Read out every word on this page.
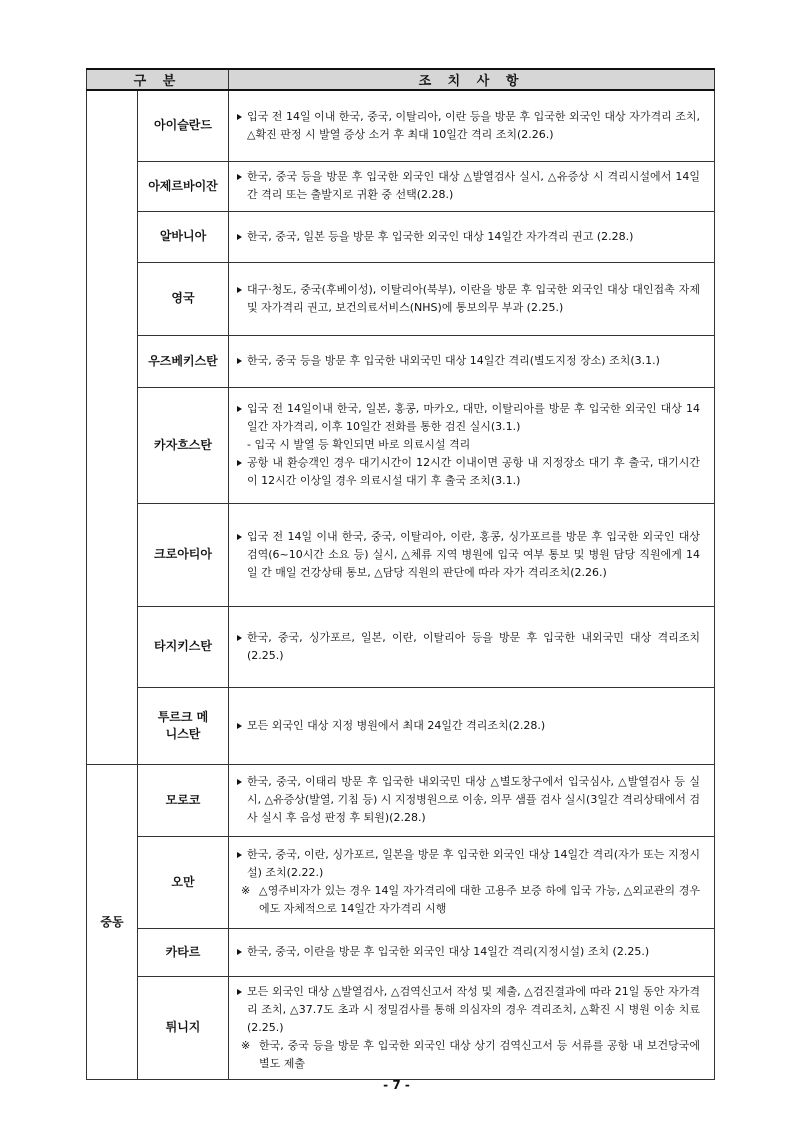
구 분		조 치 사 항
	아이슬란드	입국 전 14일 이내 한국, 중국, 이탈리아, 이란 등을 방문 후 입국한 외국인 대상 자가격리 조치, △확진 판정 시 발열 증상 소거 후 최대 10일간 격리 조치(2.26.)

	아제르바이잔	한국, 중국 등을 방문 후 입국한 외국인 대상 △발열검사 실시, △유증상 시 격리시설에서 14일간 격리 또는 출발지로 귀환 중 선택(2.28.)

	알바니아	한국, 중국, 일본 등을 방문 후 입국한 외국인 대상 14일간 자가격리 권고 (2.28.)

	영국	대구·청도, 중국(후베이성), 이탈리아(북부), 이란을 방문 후 입국한 외국인 대상 대인접촉 자제 및 자가격리 권고, 보건의료서비스(NHS)에 통보의무 부과 (2.25.)

	우즈베키스탄	한국, 중국 등을 방문 후 입국한 내외국민 대상 14일간 격리(별도지정 장소) 조치(3.1.)

	카자흐스탄	입국 전 14일이내 한국, 일본, 홍콩, 마카오, 대만, 이탈리아를 방문 후 입국한 외국인 대상 14일간 자가격리, 이후 10일간 전화를 통한 검진 실시(3.1.)
- 입국 시 발열 등 확인되면 바로 의료시설 격리
공항 내 환승객인 경우 대기시간이 12시간 이내이면 공항 내 지정장소 대기 후 출국, 대기시간이 12시간 이상일 경우 의료시설 대기 후 출국 조치(3.1.)

	크로아티아	입국 전 14일 이내 한국, 중국, 이탈리아, 이란, 홍콩, 싱가포르를 방문 후 입국한 외국인 대상 검역(6~10시간 소요 등) 실시, △체류 지역 병원에 입국 여부 통보 및 병원 담당 직원에게 14일 간 매일 건강상태 통보, △담당 직원의 판단에 따라 자가 격리조치(2.26.)

	타지키스탄	한국, 중국, 싱가포르, 일본, 이란, 이탈리아 등을 방문 후 입국한 내외국민 대상 격리조치(2.25.)

	투르크 메니스탄	모든 외국인 대상 지정 병원에서 최대 24일간 격리조치(2.28.)

중동	모로코	한국, 중국, 이태리 방문 후 입국한 내외국민 대상 △별도창구에서 입국심사, △발열검사 등 실시, △유증상(발열, 기침 등) 시 지정병원으로 이송, 의무 샘플 검사 실시(3일간 격리상태에서 검사 실시 후 음성 판정 후 퇴원)(2.28.)

	오만	한국, 중국, 이란, 싱가포르, 일본을 방문 후 입국한 외국인 대상 14일간 격리(자가 또는 지정시설) 조치(2.22.)
※ △영주비자가 있는 경우 14일 자가격리에 대한 고용주 보증 하에 입국 가능, △외교관의 경우에도 자체적으로 14일간 자가격리 시행

	카타르	한국, 중국, 이란을 방문 후 입국한 외국인 대상 14일간 격리(지정시설) 조치 (2.25.)

	튀니지	모든 외국인 대상 △발열검사, △검역신고서 작성 및 제출, △검진결과에 따라 21일 동안 자가격리 조치, △37.7도 초과 시 정밀검사를 통해 의심자의 경우 격리조치, △확진 시 병원 이송 치료(2.25.)
※ 한국, 중국 등을 방문 후 입국한 외국인 대상 상기 검역신고서 등 서류를 공항 내 보건당국에 별도 제출
- 7 -
